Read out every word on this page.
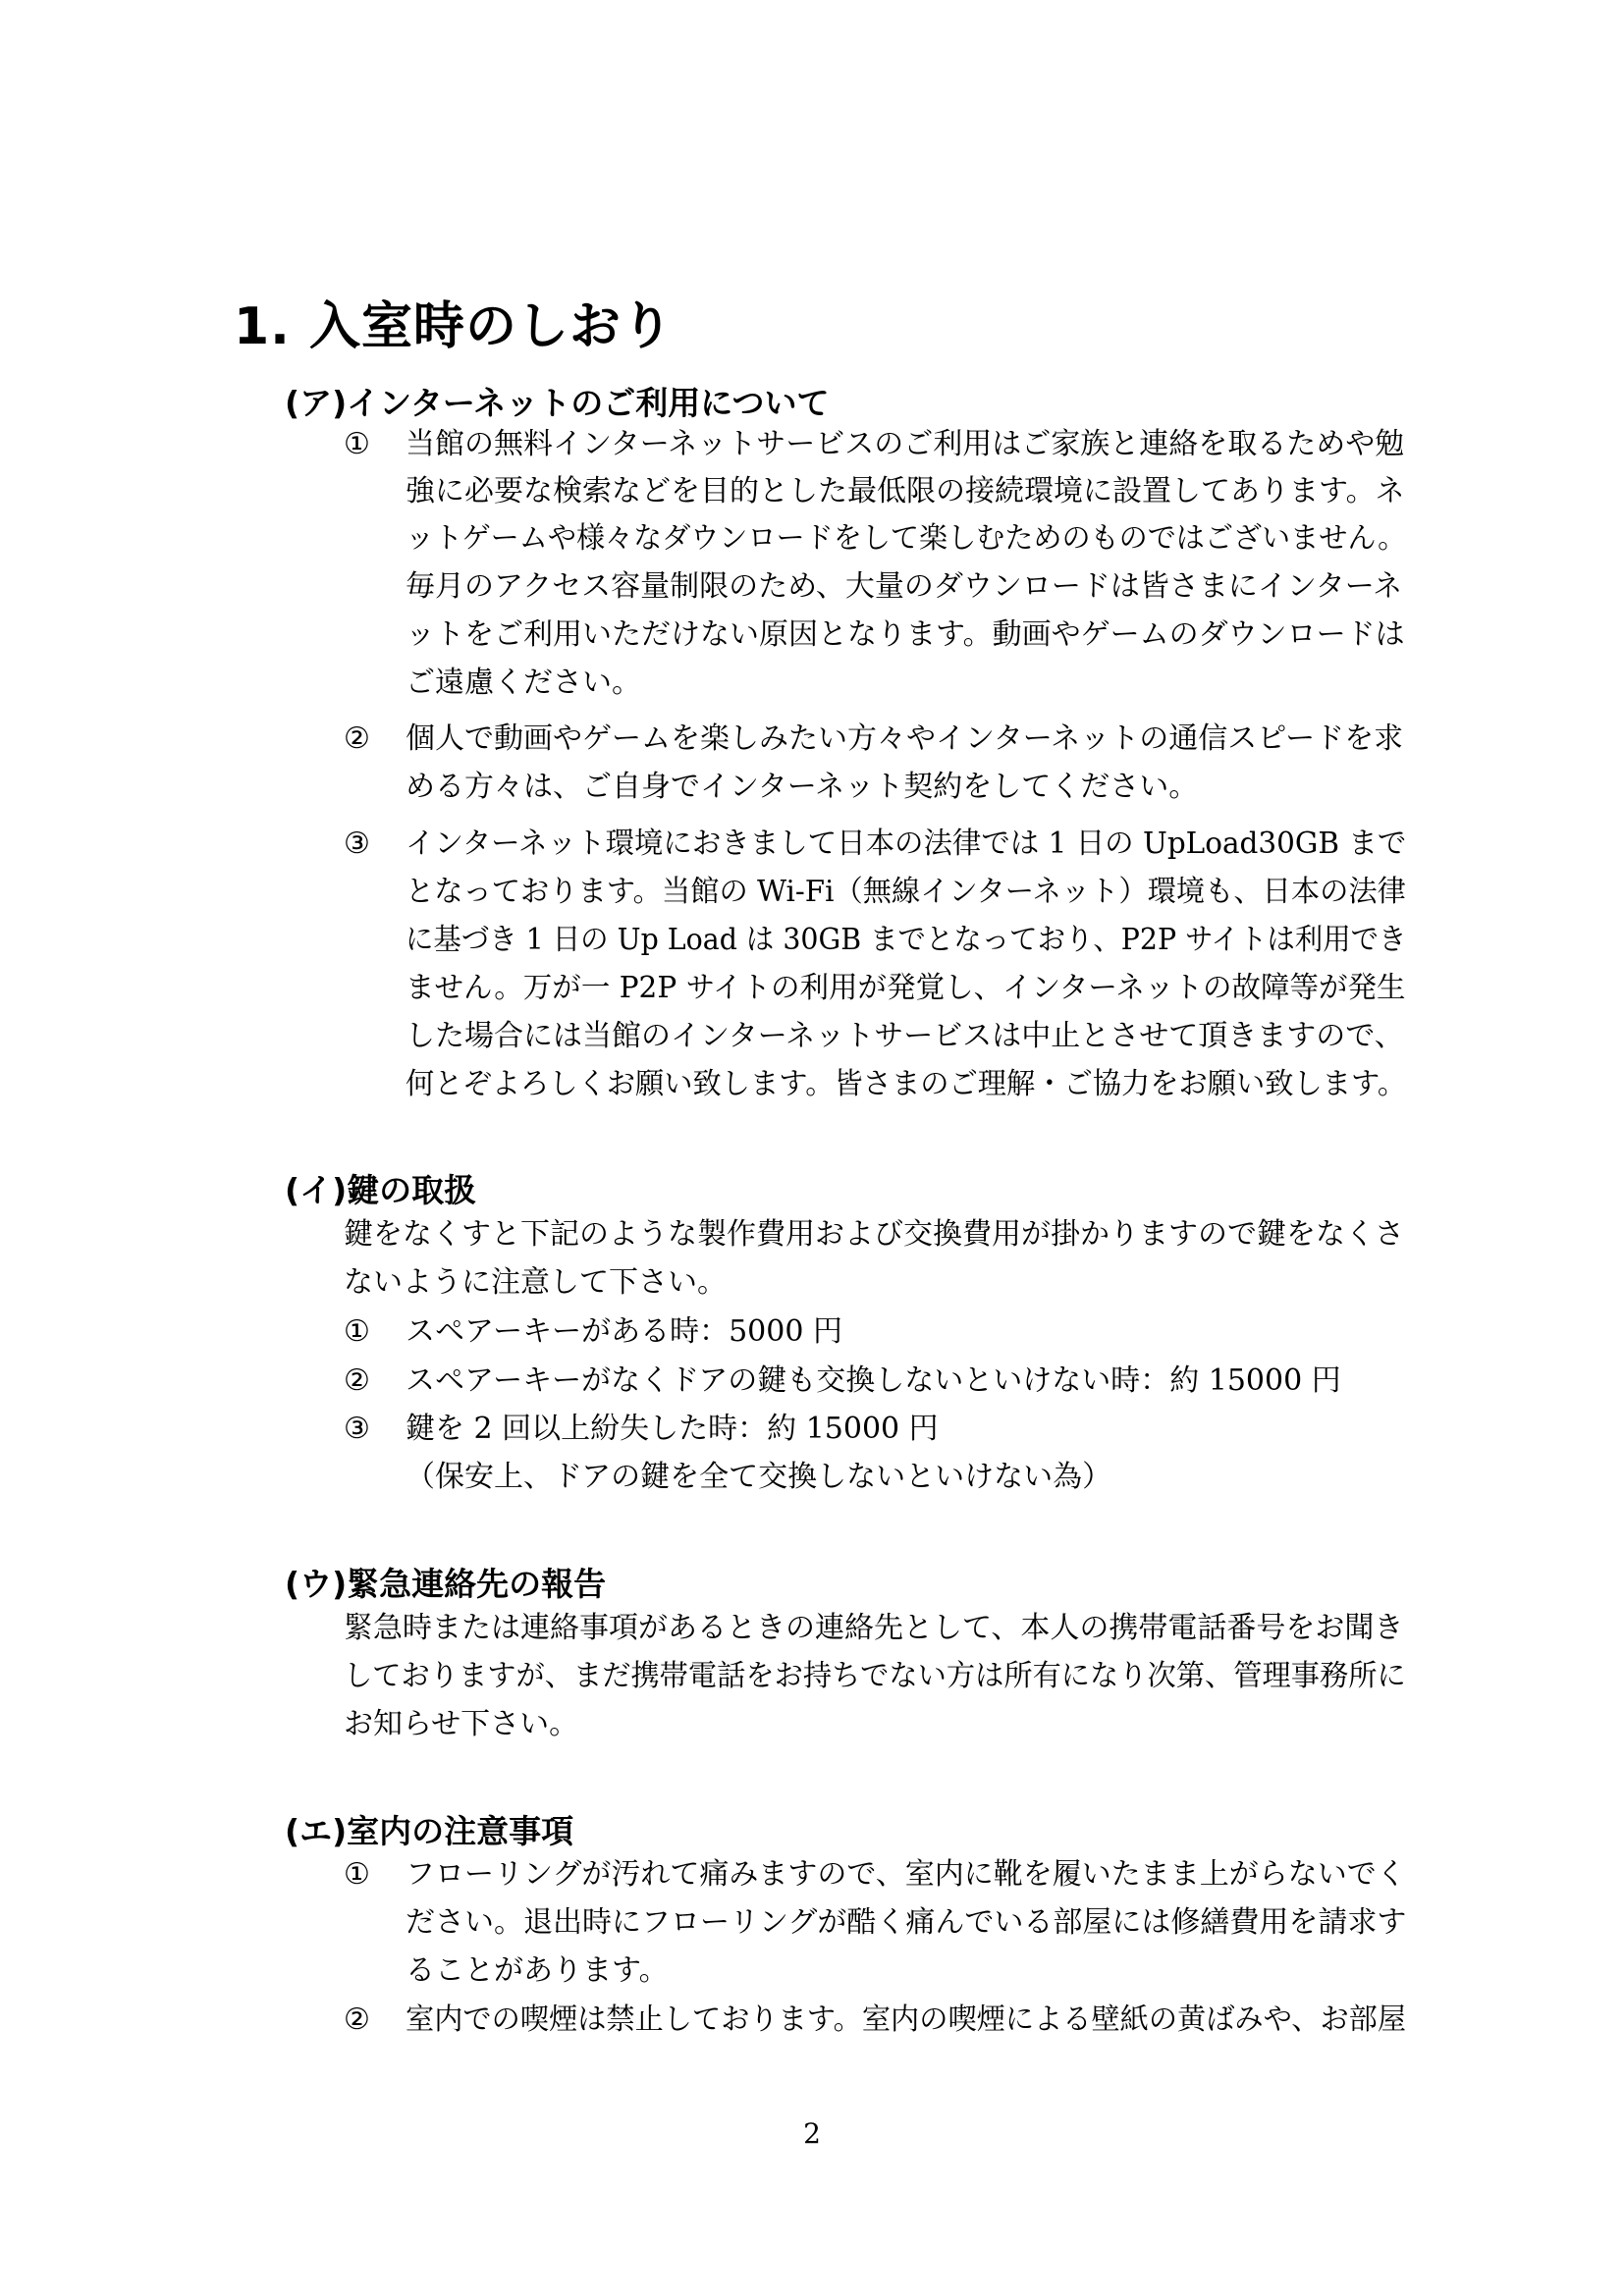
1. 入室時のしおり
(ア)インターネットのご利用について

① 当館の無料インターネットサービスのご利用はご家族と連絡を取るためや勉

強に必要な検索などを目的とした最低限の接続環境に設置してあります。ネ

ットゲームや様々なダウンロードをして楽しむためのものではございません。

毎月のアクセス容量制限のため、大量のダウンロードは皆さまにインターネ

ットをご利用いただけない原因となります。動画やゲームのダウンロードは

ご遠慮ください。

② 個人で動画やゲームを楽しみたい方々やインターネットの通信スピードを求

める方々は、ご自身でインターネット契約をしてください。

③ インターネット環境におきまして日本の法律では 1 日の UpLoad30GB まで

となっております。当館の Wi-Fi（無線インターネット）環境も、日本の法律

に基づき 1 日の Up Load は 30GB までとなっており、P2P サイトは利用でき

ません。万が一 P2P サイトの利用が発覚し、インターネットの故障等が発生

した場合には当館のインターネットサービスは中止とさせて頂きますので、

何とぞよろしくお願い致します。皆さまのご理解・ご協力をお願い致します。

(イ)鍵の取扱

鍵をなくすと下記のような製作費用および交換費用が掛かりますので鍵をなくさ

ないように注意して下さい。

① スペアーキーがある時：5000 円

② スペアーキーがなくドアの鍵も交換しないといけない時：約 15000 円

③ 鍵を 2 回以上紛失した時：約 15000 円

（保安上、ドアの鍵を全て交換しないといけない為）

(ウ)緊急連絡先の報告

緊急時または連絡事項があるときの連絡先として、本人の携帯電話番号をお聞き

しておりますが、まだ携帯電話をお持ちでない方は所有になり次第、管理事務所に

お知らせ下さい。

(エ)室内の注意事項

① フローリングが汚れて痛みますので、室内に靴を履いたまま上がらないでく

ださい。退出時にフローリングが酷く痛んでいる部屋には修繕費用を請求す

ることがあります。

② 室内での喫煙は禁止しております。室内の喫煙による壁紙の黄ばみや、お部屋

2
